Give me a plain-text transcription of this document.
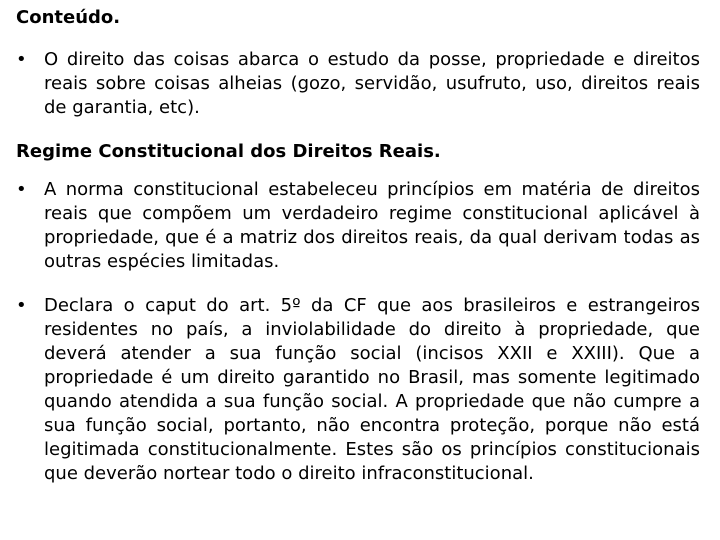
Conteúdo.
• O direito das coisas abarca o estudo da posse, propriedade e direitos reais sobre coisas alheias (gozo, servidão, usufruto, uso, direitos reais de garantia, etc).
Regime Constitucional dos Direitos Reais.
• A norma constitucional estabeleceu princípios em matéria de direitos reais que compõem um verdadeiro regime constitucional aplicável à propriedade, que é a matriz dos direitos reais, da qual derivam todas as outras espécies limitadas.
• Declara o caput do art. 5º da CF que aos brasileiros e estrangeiros residentes no país, a inviolabilidade do direito à propriedade, que deverá atender a sua função social (incisos XXII e XXIII). Que a propriedade é um direito garantido no Brasil, mas somente legitimado quando atendida a sua função social. A propriedade que não cumpre a sua função social, portanto, não encontra proteção, porque não está legitimada constitucionalmente. Estes são os princípios constitucionais que deverão nortear todo o direito infraconstitucional.
